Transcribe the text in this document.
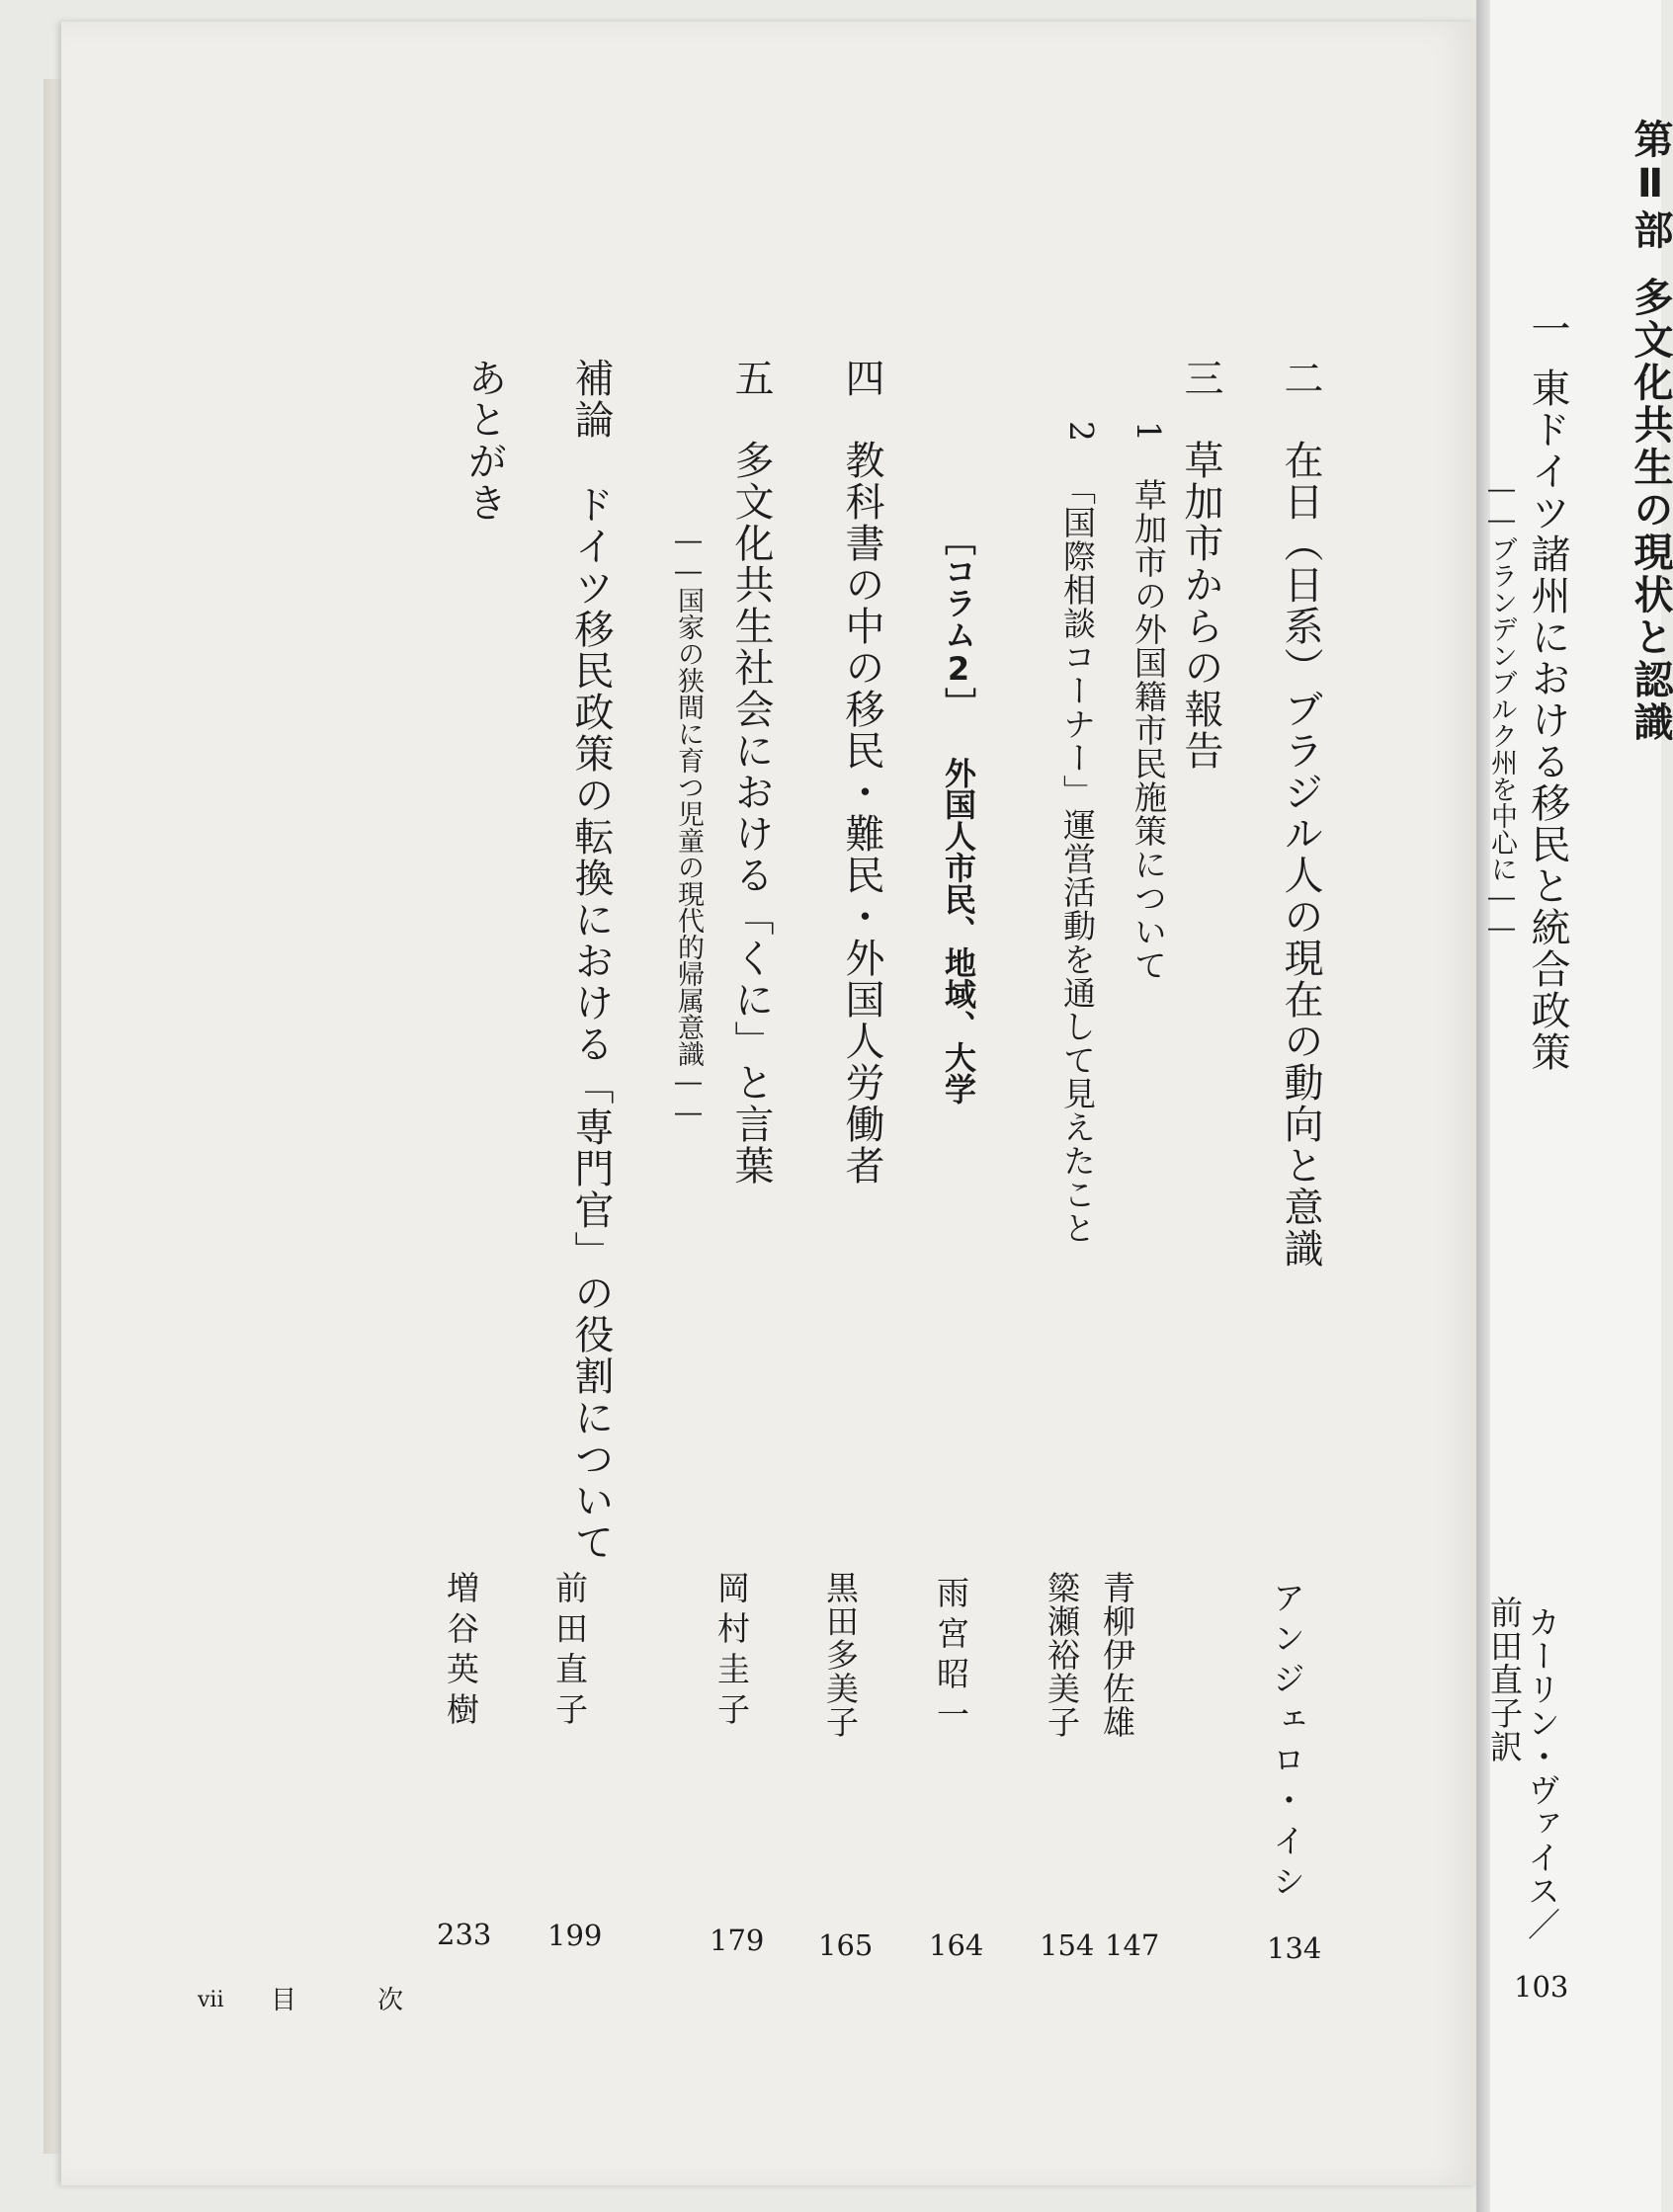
第Ⅱ部
多文化共生の現状と認識
一
東ドイツ諸州における移民と統合政策
――ブランデンブルク州を中心に――
カーリン・ヴァイス／
前田直子訳
103
二
在日（日系）ブラジル人の現在の動向と意識
アンジェロ・イシ
134
三
草加市からの報告
1
草加市の外国籍市民施策について
青柳伊佐雄
147
2
「国際相談コーナー」運営活動を通して見えたこと
簗瀬裕美子
154
［コラム2］ 外国人市民、地域、大学
雨宮昭一
164
四
教科書の中の移民・難民・外国人労働者
黒田多美子
165
五
多文化共生社会における「くに」と言葉
――国家の狭間に育つ児童の現代的帰属意識――
岡村圭子
179
補論
ドイツ移民政策の転換における「専門官」の役割について
前田直子
199
あとがき
増谷英樹
233
vii 目　　次
